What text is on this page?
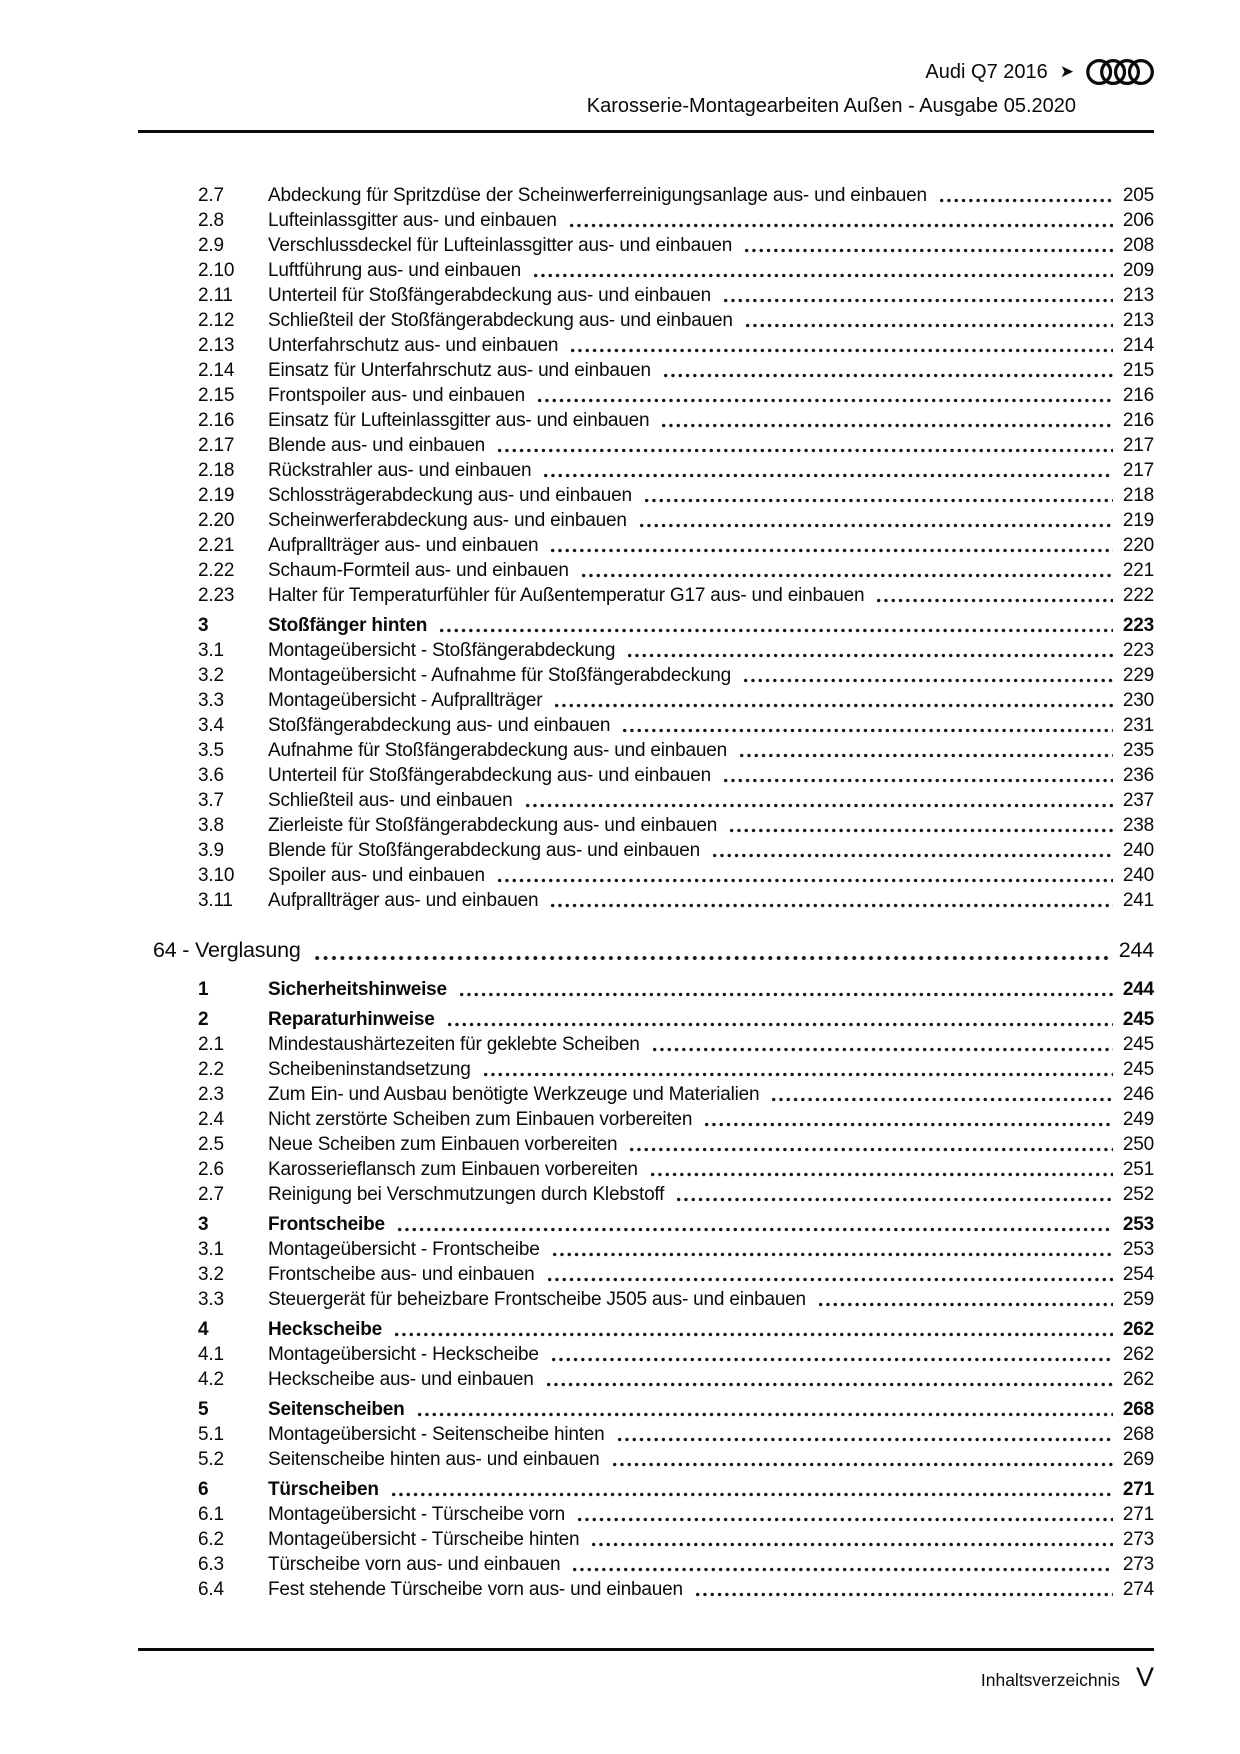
Audi Q7 2016 ➤
Karosserie-Montagearbeiten Außen - Ausgabe 05.2020
2.7	Abdeckung für Spritzdüse der Scheinwerferreinigungsanlage aus- und einbauen	205
2.8	Lufteinlassgitter aus- und einbauen	206
2.9	Verschlussdeckel für Lufteinlassgitter aus- und einbauen	208
2.10	Luftführung aus- und einbauen	209
2.11	Unterteil für Stoßfängerabdeckung aus- und einbauen	213
2.12	Schließteil der Stoßfängerabdeckung aus- und einbauen	213
2.13	Unterfahrschutz aus- und einbauen	214
2.14	Einsatz für Unterfahrschutz aus- und einbauen	215
2.15	Frontspoiler aus- und einbauen	216
2.16	Einsatz für Lufteinlassgitter aus- und einbauen	216
2.17	Blende aus- und einbauen	217
2.18	Rückstrahler aus- und einbauen	217
2.19	Schlossträgerabdeckung aus- und einbauen	218
2.20	Scheinwerferabdeckung aus- und einbauen	219
2.21	Aufprallträger aus- und einbauen	220
2.22	Schaum-Formteil aus- und einbauen	221
2.23	Halter für Temperaturfühler für Außentemperatur G17 aus- und einbauen	222
3	Stoßfänger hinten	223
3.1	Montageübersicht - Stoßfängerabdeckung	223
3.2	Montageübersicht - Aufnahme für Stoßfängerabdeckung	229
3.3	Montageübersicht - Aufprallträger	230
3.4	Stoßfängerabdeckung aus- und einbauen	231
3.5	Aufnahme für Stoßfängerabdeckung aus- und einbauen	235
3.6	Unterteil für Stoßfängerabdeckung aus- und einbauen	236
3.7	Schließteil aus- und einbauen	237
3.8	Zierleiste für Stoßfängerabdeckung aus- und einbauen	238
3.9	Blende für Stoßfängerabdeckung aus- und einbauen	240
3.10	Spoiler aus- und einbauen	240
3.11	Aufprallträger aus- und einbauen	241
64 - Verglasung	244
1	Sicherheitshinweise	244
2	Reparaturhinweise	245
2.1	Mindestaushärtezeiten für geklebte Scheiben	245
2.2	Scheibeninstandsetzung	245
2.3	Zum Ein- und Ausbau benötigte Werkzeuge und Materialien	246
2.4	Nicht zerstörte Scheiben zum Einbauen vorbereiten	249
2.5	Neue Scheiben zum Einbauen vorbereiten	250
2.6	Karosserieflansch zum Einbauen vorbereiten	251
2.7	Reinigung bei Verschmutzungen durch Klebstoff	252
3	Frontscheibe	253
3.1	Montageübersicht - Frontscheibe	253
3.2	Frontscheibe aus- und einbauen	254
3.3	Steuergerät für beheizbare Frontscheibe J505 aus- und einbauen	259
4	Heckscheibe	262
4.1	Montageübersicht - Heckscheibe	262
4.2	Heckscheibe aus- und einbauen	262
5	Seitenscheiben	268
5.1	Montageübersicht - Seitenscheibe hinten	268
5.2	Seitenscheibe hinten aus- und einbauen	269
6	Türscheiben	271
6.1	Montageübersicht - Türscheibe vorn	271
6.2	Montageübersicht - Türscheibe hinten	273
6.3	Türscheibe vorn aus- und einbauen	273
6.4	Fest stehende Türscheibe vorn aus- und einbauen	274
Inhaltsverzeichnis V
